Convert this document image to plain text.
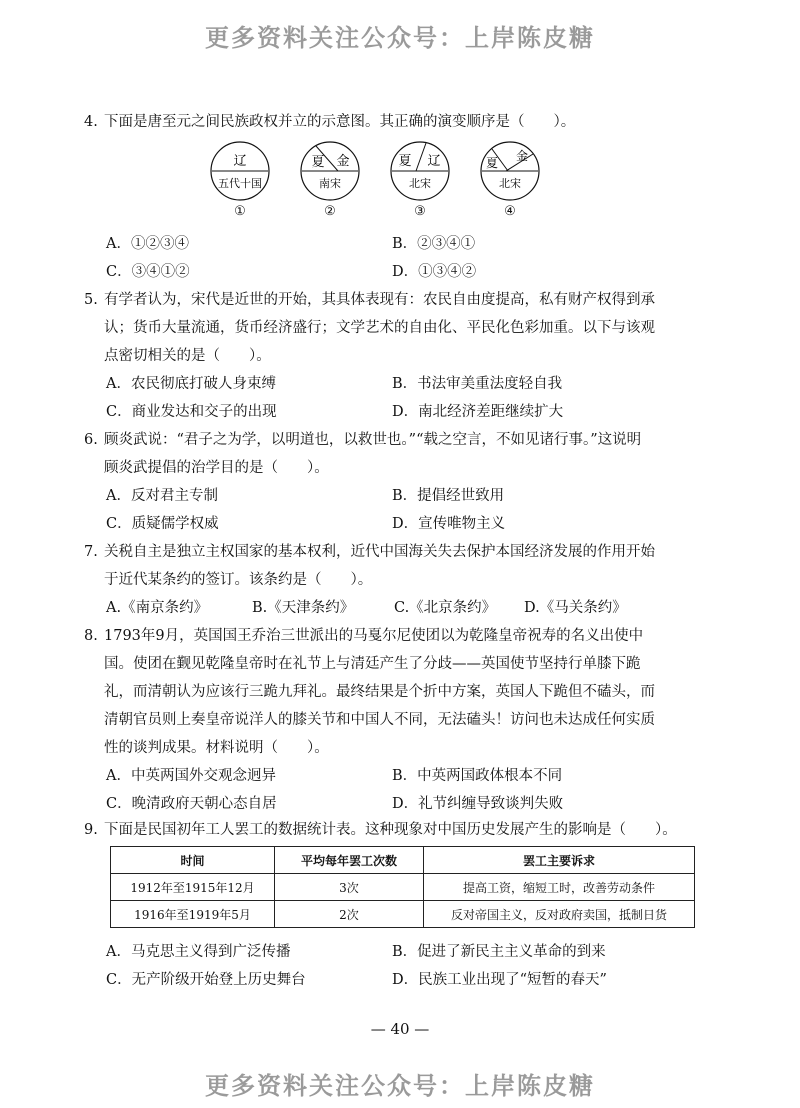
更多资料关注公众号：上岸陈皮糖
4. 下面是唐至元之间民族政权并立的示意图。其正确的演变顺序是（　　）。
辽
五代十国
①
夏 金
南宋
②
夏 辽
北宋
③
夏 金
北宋
④
A．①②③④	B．②③④①
C．③④①②	D．①③④②
5. 有学者认为，宋代是近世的开始，其具体表现有：农民自由度提高，私有财产权得到承
认；货币大量流通，货币经济盛行；文学艺术的自由化、平民化色彩加重。以下与该观
点密切相关的是（　　）。
A．农民彻底打破人身束缚	B．书法审美重法度轻自我
C．商业发达和交子的出现	D．南北经济差距继续扩大
6. 顾炎武说：“君子之为学，以明道也，以救世也。”“载之空言，不如见诸行事。”这说明
顾炎武提倡的治学目的是（　　）。
A．反对君主专制	B．提倡经世致用
C．质疑儒学权威	D．宣传唯物主义
7. 关税自主是独立主权国家的基本权利，近代中国海关失去保护本国经济发展的作用开始
于近代某条约的签订。该条约是（　　）。
A.《南京条约》	B.《天津条约》	C.《北京条约》 D.《马关条约》
8. 1793年9月，英国国王乔治三世派出的马戛尔尼使团以为乾隆皇帝祝寿的名义出使中
国。使团在觐见乾隆皇帝时在礼节上与清廷产生了分歧——英国使节坚持行单膝下跪
礼，而清朝认为应该行三跪九拜礼。最终结果是个折中方案，英国人下跪但不磕头，而
清朝官员则上奏皇帝说洋人的膝关节和中国人不同，无法磕头！访问也未达成任何实质
性的谈判成果。材料说明（　　）。
A．中英两国外交观念迥异	B．中英两国政体根本不同
C．晚清政府天朝心态自居	D．礼节纠缠导致谈判失败
9. 下面是民国初年工人罢工的数据统计表。这种现象对中国历史发展产生的影响是（　　）。
时间	平均每年罢工次数	罢工主要诉求
1912年至1915年12月	3次	提高工资，缩短工时，改善劳动条件
1916年至1919年5月	2次	反对帝国主义，反对政府卖国，抵制日货
A．马克思主义得到广泛传播	B．促进了新民主主义革命的到来
C．无产阶级开始登上历史舞台	D．民族工业出现了“短暂的春天”
— 40 —
更多资料关注公众号：上岸陈皮糖
